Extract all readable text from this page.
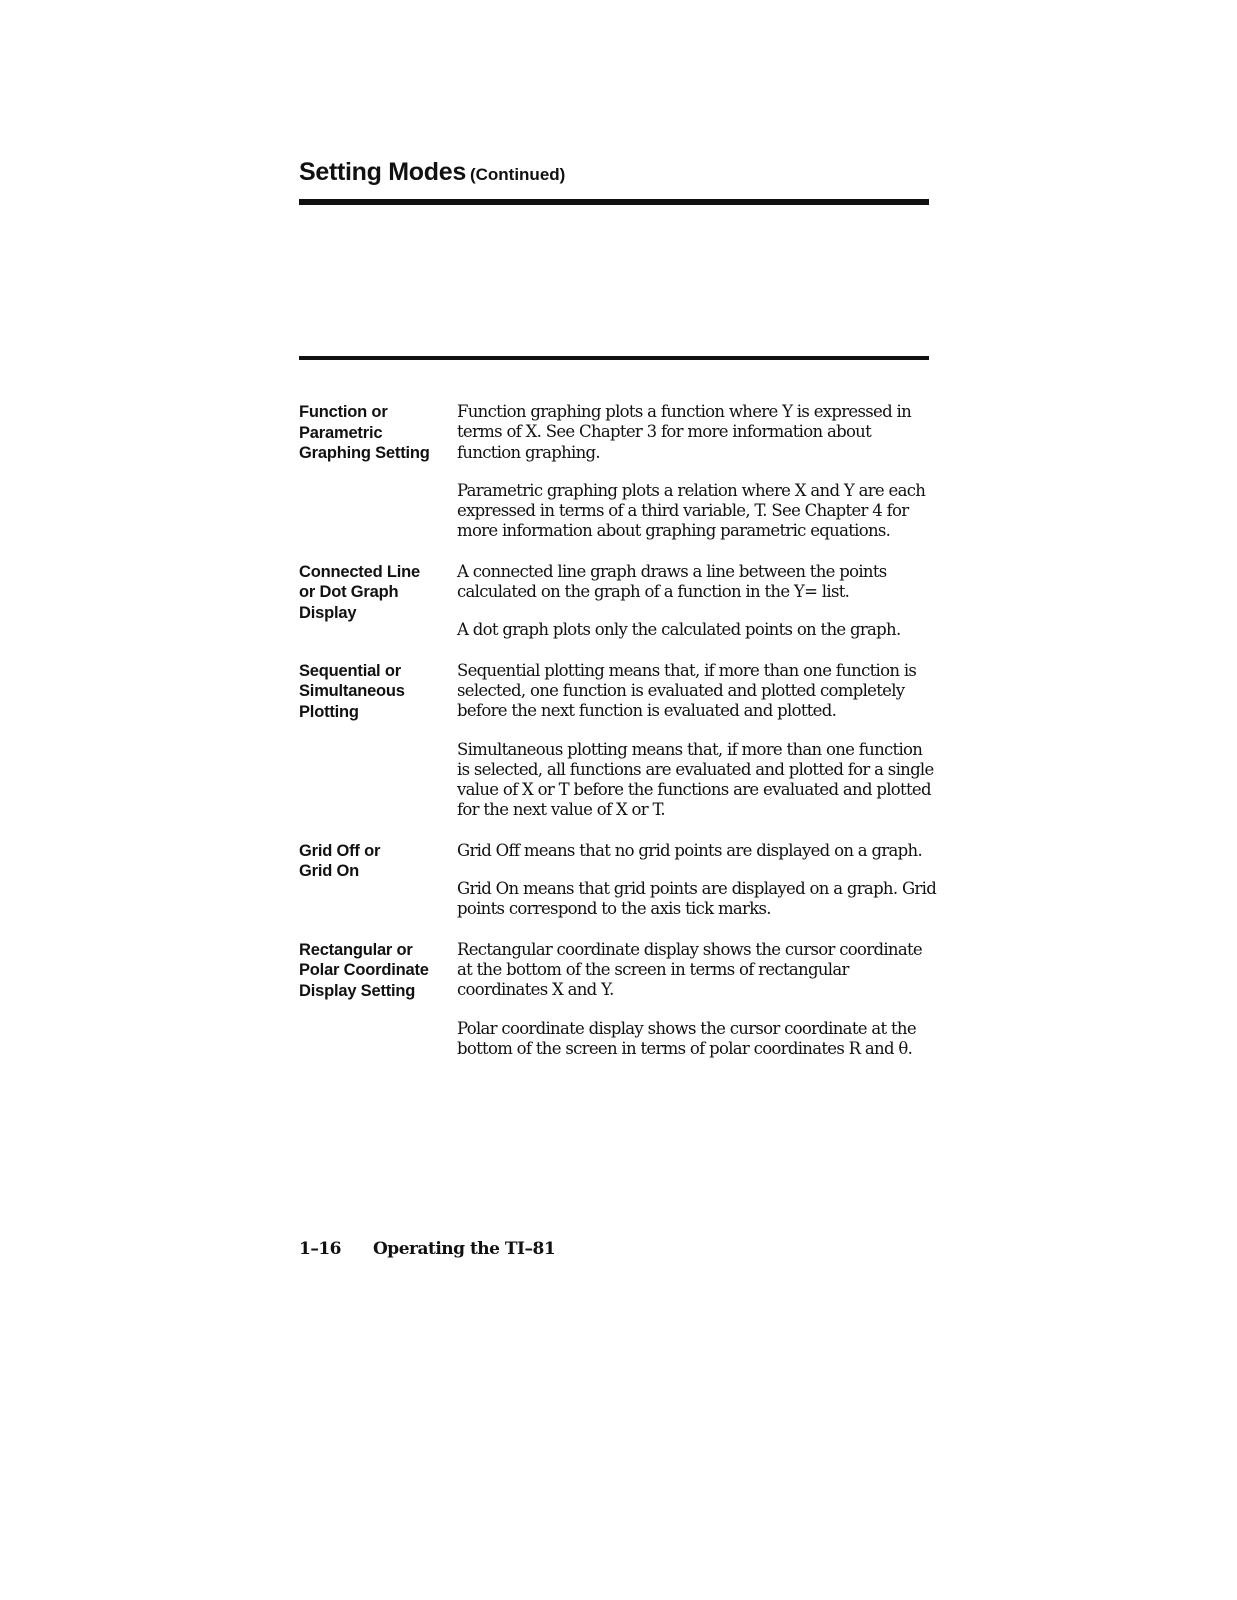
Setting Modes (Continued)
Function or
Parametric
Graphing Setting

Function graphing plots a function where Y is expressed in terms of X. See Chapter 3 for more information about function graphing.

Parametric graphing plots a relation where X and Y are each expressed in terms of a third variable, T. See Chapter 4 for more information about graphing parametric equations.

Connected Line
or Dot Graph
Display

A connected line graph draws a line between the points calculated on the graph of a function in the Y= list.

A dot graph plots only the calculated points on the graph.

Sequential or
Simultaneous
Plotting

Sequential plotting means that, if more than one function is selected, one function is evaluated and plotted completely before the next function is evaluated and plotted.

Simultaneous plotting means that, if more than one function is selected, all functions are evaluated and plotted for a single value of X or T before the functions are evaluated and plotted for the next value of X or T.

Grid Off or
Grid On

Grid Off means that no grid points are displayed on a graph.

Grid On means that grid points are displayed on a graph. Grid points correspond to the axis tick marks.

Rectangular or
Polar Coordinate
Display Setting

Rectangular coordinate display shows the cursor coordinate at the bottom of the screen in terms of rectangular coordinates X and Y.

Polar coordinate display shows the cursor coordinate at the bottom of the screen in terms of polar coordinates R and θ.

1–16 Operating the TI–81
